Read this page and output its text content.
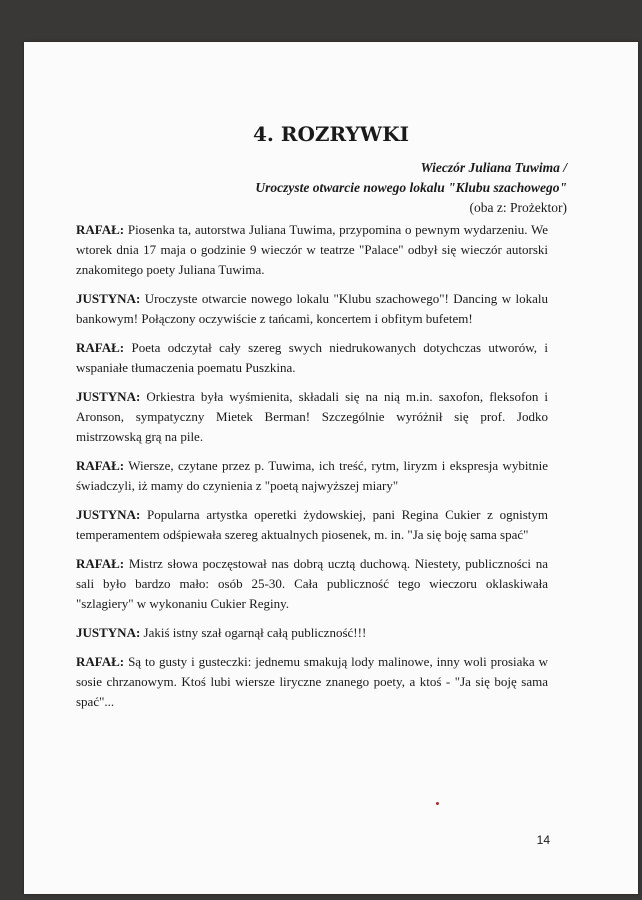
4. ROZRYWKI
Wieczór Juliana Tuwima /
Uroczyste otwarcie nowego lokalu "Klubu szachowego"
(oba z: Prożektor)

RAFAŁ: Piosenka ta, autorstwa Juliana Tuwima, przypomina o pewnym wydarzeniu. We wtorek dnia 17 maja o godzinie 9 wieczór w teatrze "Palace" odbył się wieczór autorski znakomitego poety Juliana Tuwima.

JUSTYNA: Uroczyste otwarcie nowego lokalu "Klubu szachowego"! Dancing w lokalu bankowym! Połączony oczywiście z tańcami, koncertem i obfitym bufetem!

RAFAŁ: Poeta odczytał cały szereg swych niedrukowanych dotychczas utworów, i wspaniałe tłumaczenia poematu Puszkina.

JUSTYNA: Orkiestra była wyśmienita, składali się na nią m.in. saxofon, fleksofon i Aronson, sympatyczny Mietek Berman! Szczególnie wyróżnił się prof. Jodko mistrzowską grą na pile.

RAFAŁ: Wiersze, czytane przez p. Tuwima, ich treść, rytm, liryzm i ekspresja wybitnie świadczyli, iż mamy do czynienia z "poetą najwyższej miary"

JUSTYNA: Popularna artystka operetki żydowskiej, pani Regina Cukier z ognistym temperamentem odśpiewała szereg aktualnych piosenek, m. in. "Ja się boję sama spać"

RAFAŁ: Mistrz słowa poczęstował nas dobrą ucztą duchową. Niestety, publiczności na sali było bardzo mało: osób 25-30. Cała publiczność tego wieczoru oklaskiwała "szlagiery" w wykonaniu Cukier Reginy.

JUSTYNA: Jakiś istny szał ogarnął całą publiczność!!!

RAFAŁ: Są to gusty i gusteczki: jednemu smakują lody malinowe, inny woli prosiaka w sosie chrzanowym. Ktoś lubi wiersze liryczne znanego poety, a ktoś - "Ja się boję sama spać"...

14
